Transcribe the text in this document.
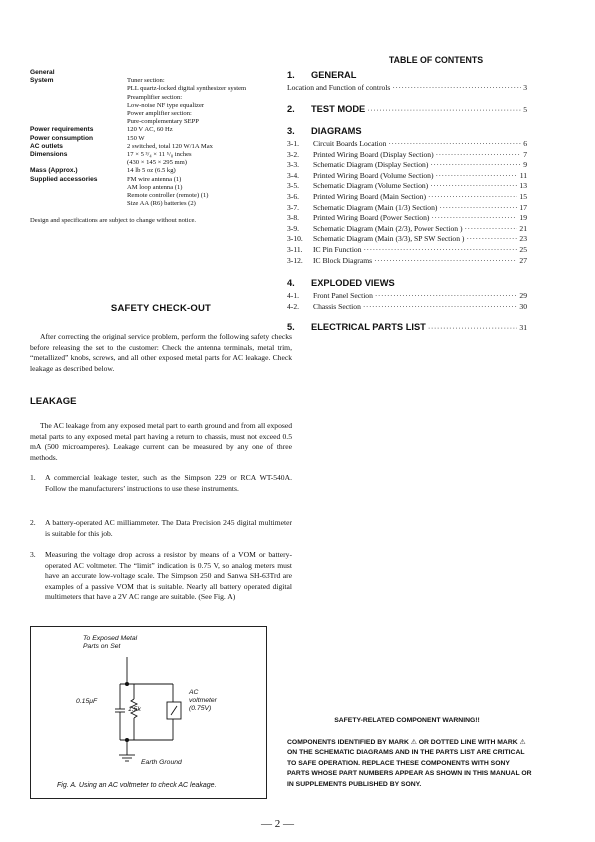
General
System	Tuner section:
PLL quartz-locked digital synthesizer system
Preamplifier section:
Low-noise NF type equalizer
Power amplifier section:
Pure-complementary SEPP
Power requirements	120 V AC, 60 Hz
Power consumption	150 W
AC outlets	2 switched, total 120 W/1A Max
Dimensions	17 × 5 ³/₄ × 11 ⁵/₈ inches
(430 × 145 × 295 mm)
Mass (Approx.)	14 lb 5 oz (6.5 kg)
Supplied accessories	FM wire antenna (1)
AM loop antenna (1)
Remote controller (remote) (1)
Size AA (R6) batteries (2)
Design and specifications are subject to change without notice.
SAFETY CHECK-OUT
After correcting the original service problem, perform the following safety checks before releasing the set to the customer: Check the antenna terminals, metal trim, “metallized” knobs, screws, and all other exposed metal parts for AC leakage. Check leakage as described below.
LEAKAGE
The AC leakage from any exposed metal part to earth ground and from all exposed metal parts to any exposed metal part having a return to chassis, must not exceed 0.5 mA (500 microamperes). Leakage current can be measured by any one of three methods.
1.	A commercial leakage tester, such as the Simpson 229 or RCA WT-540A. Follow the manufacturers’ instructions to use these instruments.
2.	A battery-operated AC milliammeter. The Data Precision 245 digital multimeter is suitable for this job.
3.	Measuring the voltage drop across a resistor by means of a VOM or battery-operated AC voltmeter. The “limit” indication is 0.75 V, so analog meters must have an accurate low-voltage scale. The Simpson 250 and Sanwa SH-63Trd are examples of a passive VOM that is suitable. Nearly all battery operated digital multimeters that have a 2V AC range are suitable. (See Fig. A)
To Exposed Metal
Parts on Set
0.15μF
1.5k
AC
voltmeter
(0.75V)
Earth Ground
Fig. A. Using an AC voltmeter to check AC leakage.
TABLE OF CONTENTS
1.	GENERAL
Location and Function of controls ·····	3
2.	TEST MODE ·····	5
3.	DIAGRAMS
3-1.	Circuit Boards Location ·····	6
3-2.	Printed Wiring Board (Display Section) ·····	7
3-3.	Schematic Diagram (Display Section) ·····	9
3-4.	Printed Wiring Board (Volume Section) ·····	11
3-5.	Schematic Diagram (Volume Section) ·····	13
3-6.	Printed Wiring Board (Main Section) ·····	15
3-7.	Schematic Diagram (Main (1/3) Section) ·····	17
3-8.	Printed Wiring Board (Power Section) ·····	19
3-9.	Schematic Diagram (Main (2/3), Power Section ) ·····	21
3-10.	Schematic Diagram (Main (3/3), SP SW Section ) ·····	23
3-11.	IC Pin Function ·····	25
3-12.	IC Block Diagrams ·····	27
4.	EXPLODED VIEWS
4-1.	Front Panel Section ·····	29
4-2.	Chassis Section ·····	30
5.	ELECTRICAL PARTS LIST ·····	31
SAFETY-RELATED COMPONENT WARNING!!
COMPONENTS IDENTIFIED BY MARK ⚠ OR DOTTED LINE WITH MARK ⚠ ON THE SCHEMATIC DIAGRAMS AND IN THE PARTS LIST ARE CRITICAL TO SAFE OPERATION. REPLACE THESE COMPONENTS WITH SONY PARTS WHOSE PART NUMBERS APPEAR AS SHOWN IN THIS MANUAL OR IN SUPPLEMENTS PUBLISHED BY SONY.
— 2 —
